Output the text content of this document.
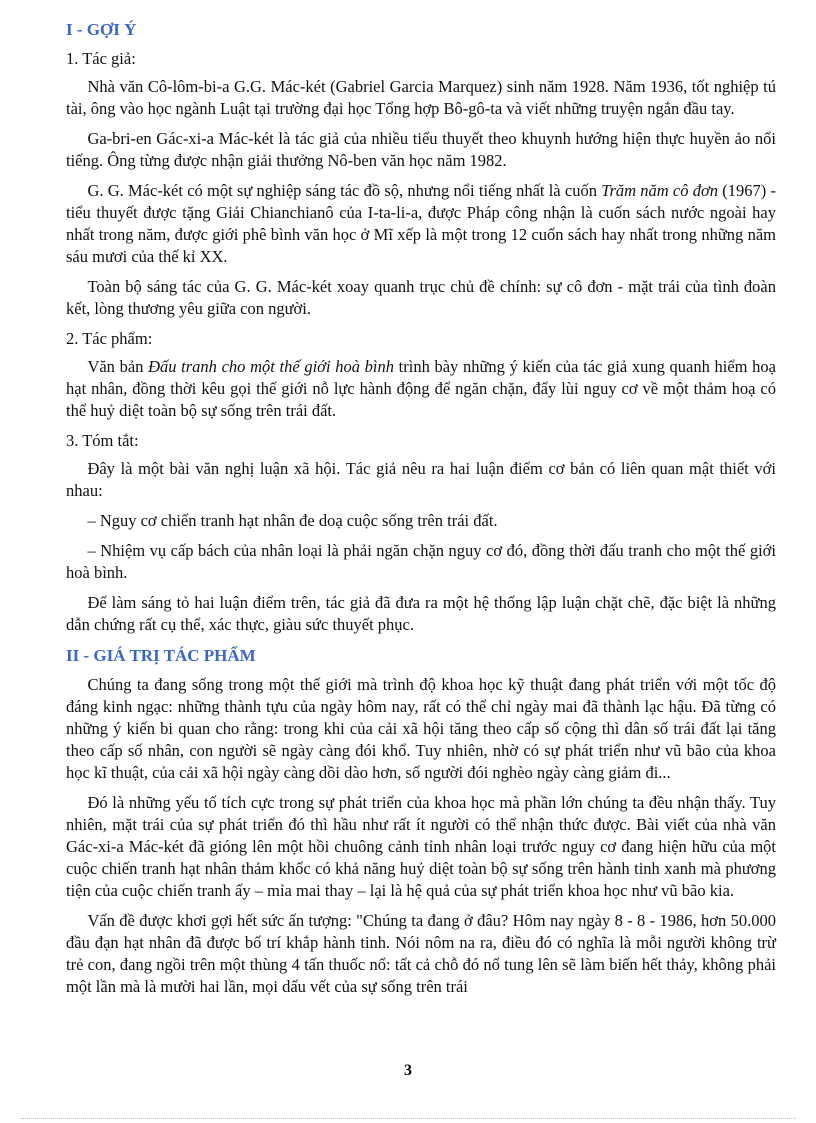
I - GỢI Ý
1. Tác giả:

Nhà văn Cô-lôm-bi-a G.G. Mác-két (Gabriel Garcia Marquez) sinh năm 1928. Năm 1936, tốt nghiệp tú tài, ông vào học ngành Luật tại trường đại học Tổng hợp Bô-gô-ta và viết những truyện ngắn đầu tay.

Ga-bri-en Gác-xi-a Mác-két là tác giả của nhiều tiểu thuyết theo khuynh hướng hiện thực huyền ảo nổi tiếng. Ông từng được nhận giải thưởng Nô-ben văn học năm 1982.

G. G. Mác-két có một sự nghiệp sáng tác đồ sộ, nhưng nổi tiếng nhất là cuốn Trăm năm cô đơn (1967) - tiểu thuyết được tặng Giải Chianchianô của I-ta-li-a, được Pháp công nhận là cuốn sách nước ngoài hay nhất trong năm, được giới phê bình văn học ở Mĩ xếp là một trong 12 cuốn sách hay nhất trong những năm sáu mươi của thế kỉ XX.

Toàn bộ sáng tác của G. G. Mác-két xoay quanh trục chủ đề chính: sự cô đơn - mặt trái của tình đoàn kết, lòng thương yêu giữa con người.

2. Tác phẩm:

Văn bản Đấu tranh cho một thế giới hoà bình trình bày những ý kiến của tác giả xung quanh hiểm hoạ hạt nhân, đồng thời kêu gọi thế giới nỗ lực hành động để ngăn chặn, đẩy lùi nguy cơ về một thảm hoạ có thể huỷ diệt toàn bộ sự sống trên trái đất.

3. Tóm tắt:

Đây là một bài văn nghị luận xã hội. Tác giả nêu ra hai luận điểm cơ bản có liên quan mật thiết với nhau:

– Nguy cơ chiến tranh hạt nhân đe doạ cuộc sống trên trái đất.

– Nhiệm vụ cấp bách của nhân loại là phải ngăn chặn nguy cơ đó, đồng thời đấu tranh cho một thế giới hoà bình.

Để làm sáng tỏ hai luận điểm trên, tác giả đã đưa ra một hệ thống lập luận chặt chẽ, đặc biệt là những dẫn chứng rất cụ thể, xác thực, giàu sức thuyết phục.

II - GIÁ TRỊ TÁC PHẨM

Chúng ta đang sống trong một thế giới mà trình độ khoa học kỹ thuật đang phát triển với một tốc độ đáng kinh ngạc: những thành tựu của ngày hôm nay, rất có thể chỉ ngày mai đã thành lạc hậu. Đã từng có những ý kiến bi quan cho rằng: trong khi của cải xã hội tăng theo cấp số cộng thì dân số trái đất lại tăng theo cấp số nhân, con người sẽ ngày càng đói khổ. Tuy nhiên, nhờ có sự phát triển như vũ bão của khoa học kĩ thuật, của cải xã hội ngày càng dồi dào hơn, số người đói nghèo ngày càng giảm đi...

Đó là những yếu tố tích cực trong sự phát triển của khoa học mà phần lớn chúng ta đều nhận thấy. Tuy nhiên, mặt trái của sự phát triển đó thì hầu như rất ít người có thể nhận thức được. Bài viết của nhà văn Gác-xi-a Mác-két đã gióng lên một hồi chuông cảnh tỉnh nhân loại trước nguy cơ đang hiện hữu của một cuộc chiến tranh hạt nhân thảm khốc có khả năng huỷ diệt toàn bộ sự sống trên hành tinh xanh mà phương tiện của cuộc chiến tranh ấy – mỉa mai thay – lại là hệ quả của sự phát triển khoa học như vũ bão kia.

Vấn đề được khơi gợi hết sức ấn tượng: "Chúng ta đang ở đâu? Hôm nay ngày 8 - 8 - 1986, hơn 50.000 đầu đạn hạt nhân đã được bố trí khắp hành tinh. Nói nôm na ra, điều đó có nghĩa là mỗi người không trừ trẻ con, đang ngồi trên một thùng 4 tấn thuốc nổ: tất cả chỗ đó nổ tung lên sẽ làm biến hết thảy, không phải một lần mà là mười hai lần, mọi dấu vết của sự sống trên trái

3
